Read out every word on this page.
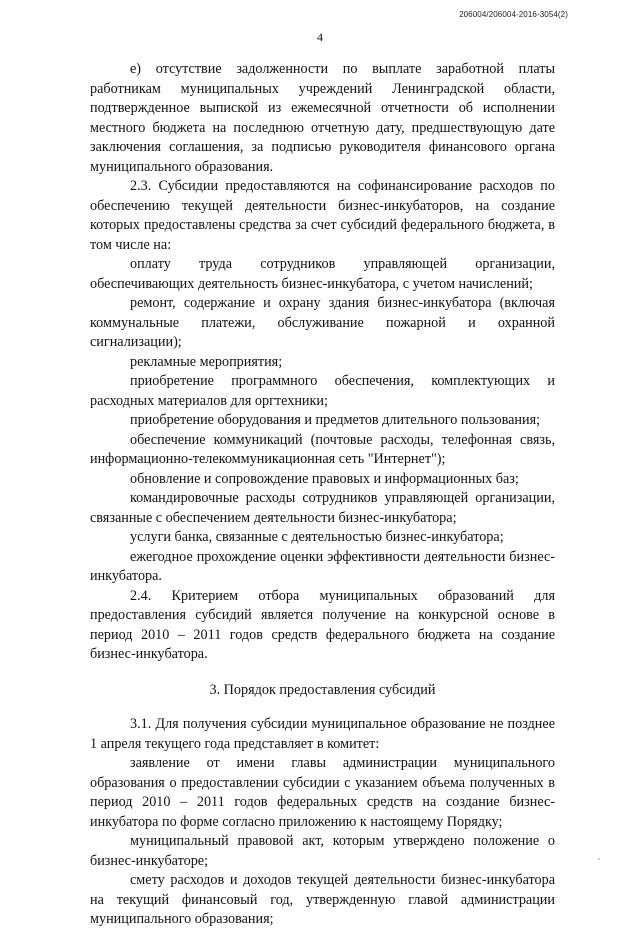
206004/206004-2016-3054(2)
4

е) отсутствие задолженности по выплате заработной платы работникам муниципальных учреждений Ленинградской области, подтвержденное выпиской из ежемесячной отчетности об исполнении местного бюджета на последнюю отчетную дату, предшествующую дате заключения соглашения, за подписью руководителя финансового органа муниципального образования.

2.3. Субсидии предоставляются на софинансирование расходов по обеспечению текущей деятельности бизнес-инкубаторов, на создание которых предоставлены средства за счет субсидий федерального бюджета, в том числе на:

оплату труда сотрудников управляющей организации, обеспечивающих деятельность бизнес-инкубатора, с учетом начислений;

ремонт, содержание и охрану здания бизнес-инкубатора (включая коммунальные платежи, обслуживание пожарной и охранной сигнализации);

рекламные мероприятия;

приобретение программного обеспечения, комплектующих и расходных материалов для оргтехники;

приобретение оборудования и предметов длительного пользования;

обеспечение коммуникаций (почтовые расходы, телефонная связь, информационно-телекоммуникационная сеть "Интернет");

обновление и сопровождение правовых и информационных баз;

командировочные расходы сотрудников управляющей организации, связанные с обеспечением деятельности бизнес-инкубатора;

услуги банка, связанные с деятельностью бизнес-инкубатора;

ежегодное прохождение оценки эффективности деятельности бизнес-инкубатора.

2.4. Критерием отбора муниципальных образований для предоставления субсидий является получение на конкурсной основе в период 2010 – 2011 годов средств федерального бюджета на создание бизнес-инкубатора.

3. Порядок предоставления субсидий

3.1. Для получения субсидии муниципальное образование не позднее 1 апреля текущего года представляет в комитет:

заявление от имени главы администрации муниципального образования о предоставлении субсидии с указанием объема полученных в период 2010 – 2011 годов федеральных средств на создание бизнес-инкубатора по форме согласно приложению к настоящему Порядку;

муниципальный правовой акт, которым утверждено положение о бизнес-инкубаторе;

смету расходов и доходов текущей деятельности бизнес-инкубатора на текущий финансовый год, утвержденную главой администрации муниципального образования;
